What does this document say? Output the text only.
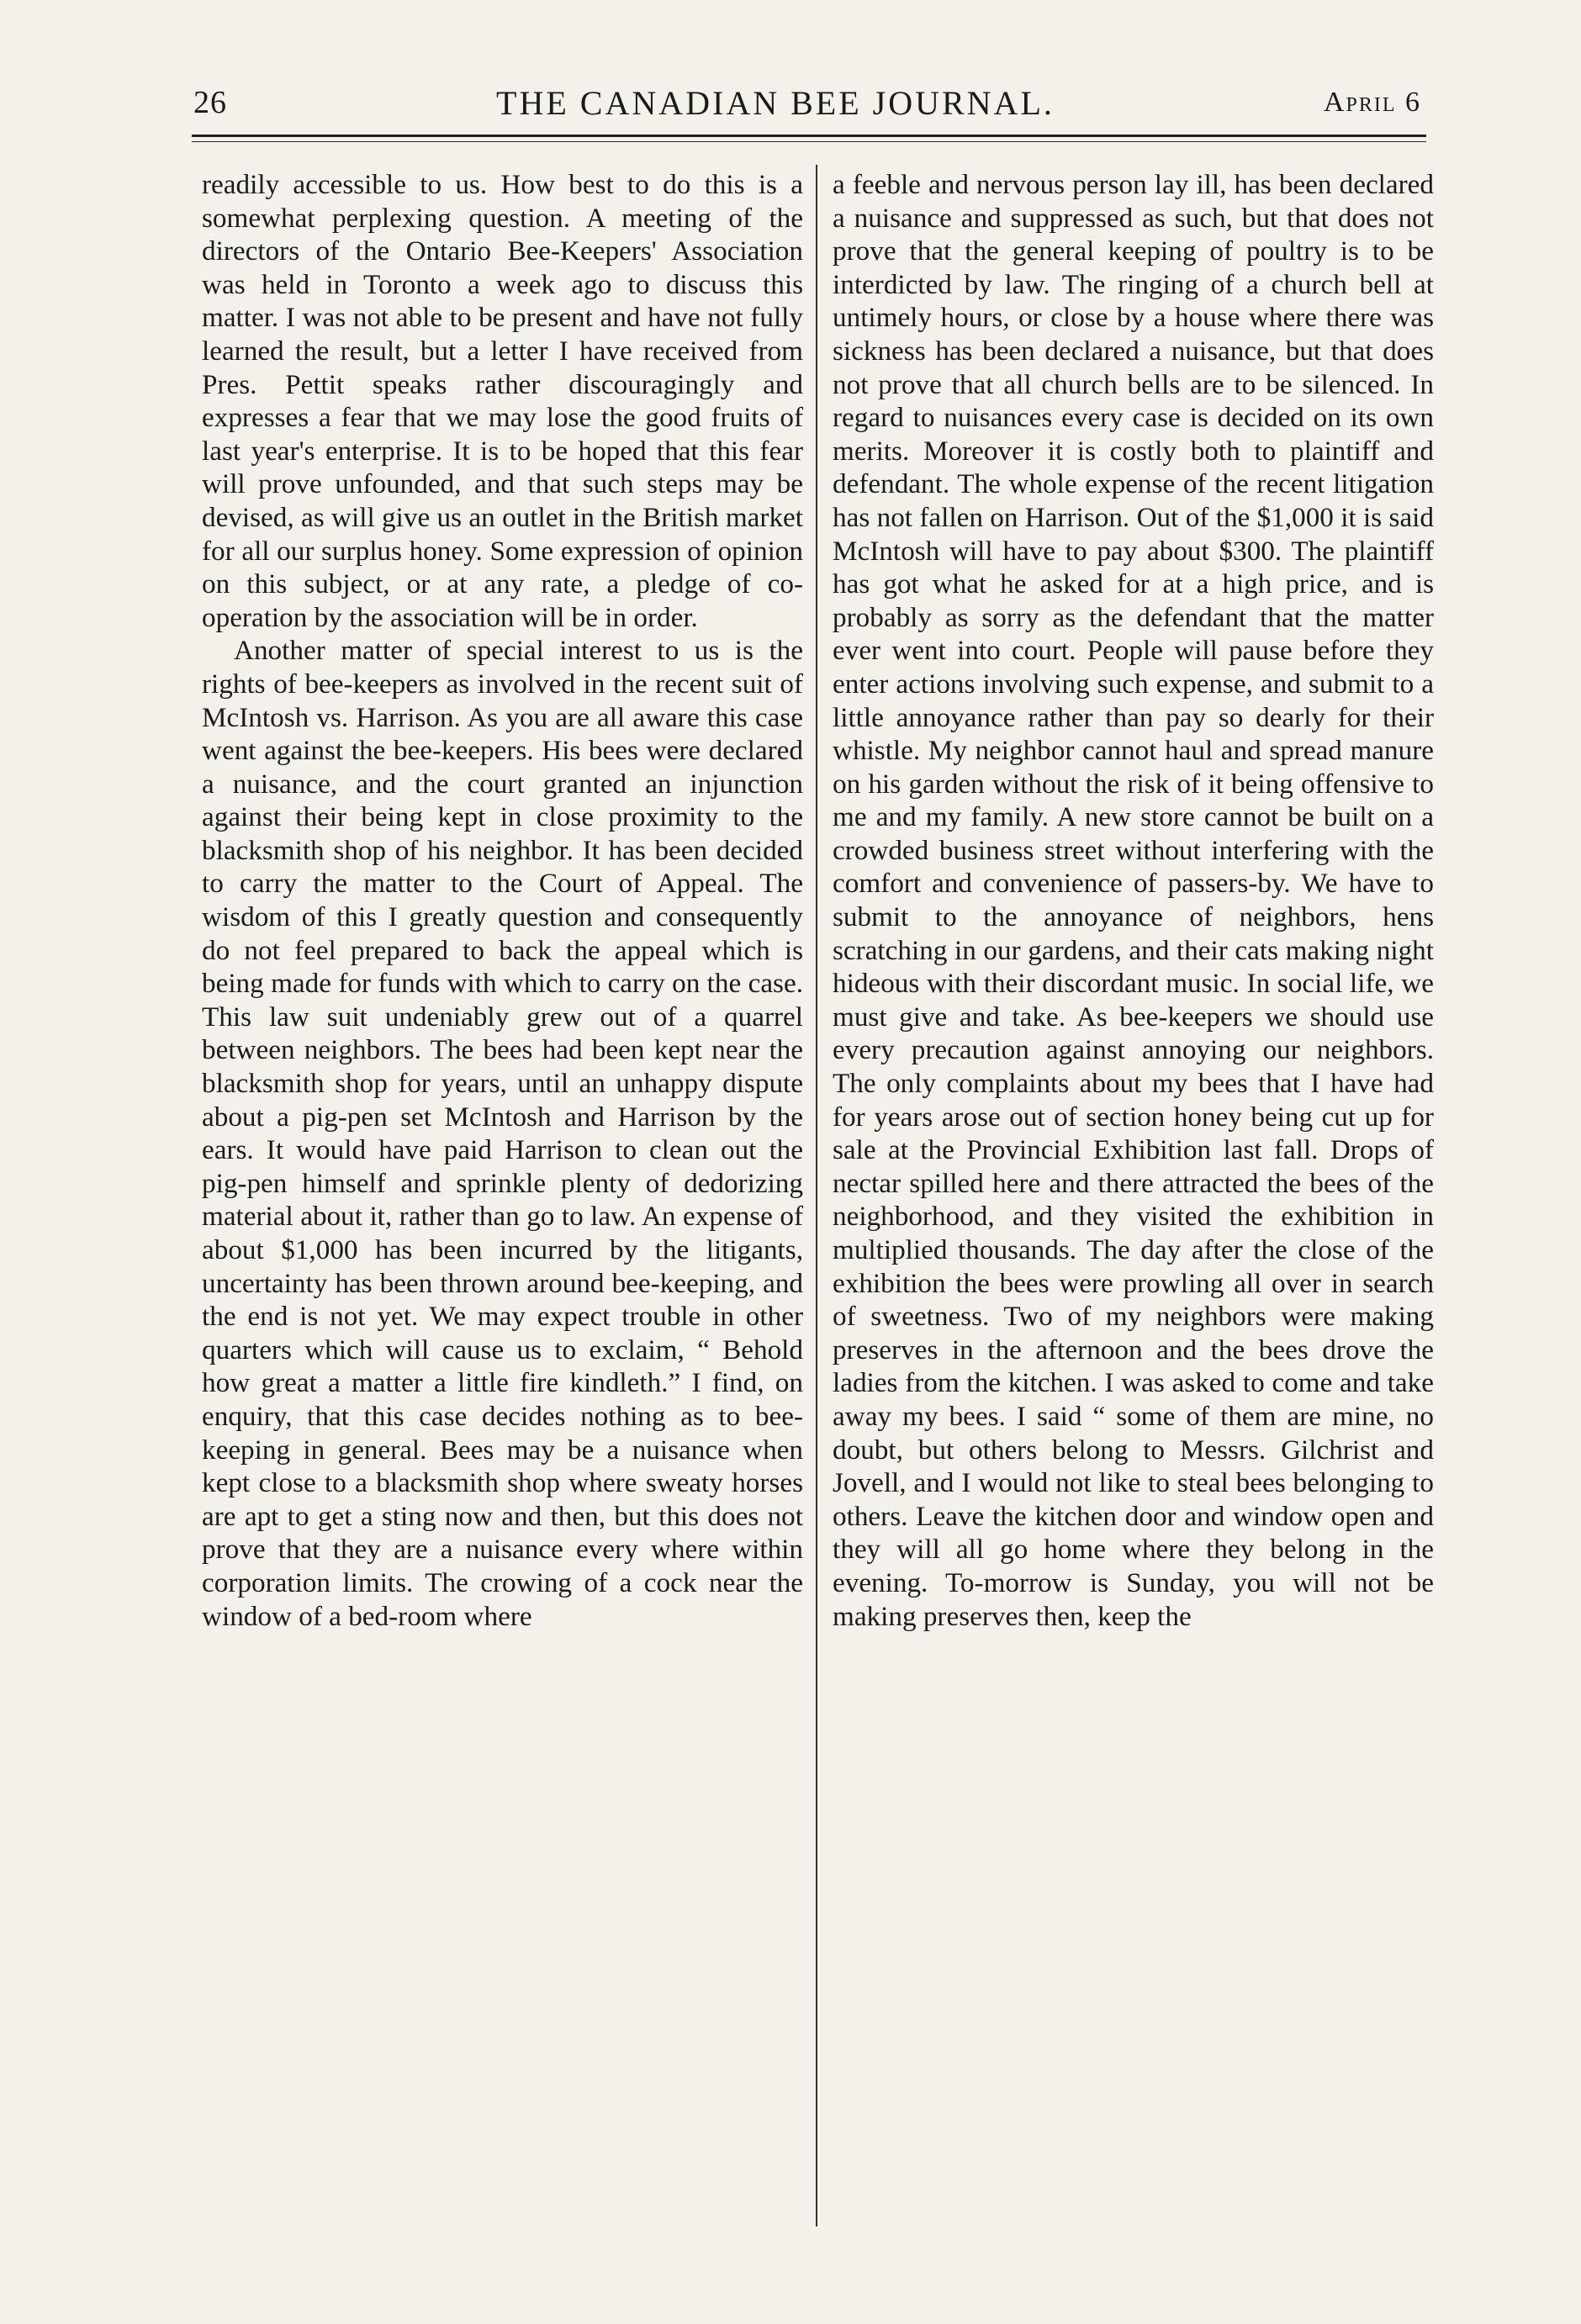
26	THE CANADIAN BEE JOURNAL.	April 6

readily accessible to us. How best to do this is a somewhat perplexing question. A meeting of the directors of the Ontario Bee-Keepers' Association was held in Toronto a week ago to discuss this matter. I was not able to be present and have not fully learned the result, but a letter I have received from Pres. Pettit speaks rather discouragingly and expresses a fear that we may lose the good fruits of last year's enterprise. It is to be hoped that this fear will prove unfounded, and that such steps may be devised, as will give us an outlet in the British market for all our surplus honey. Some expression of opinion on this subject, or at any rate, a pledge of co-operation by the association will be in order.

Another matter of special interest to us is the rights of bee-keepers as involved in the recent suit of McIntosh vs. Harrison. As you are all aware this case went against the bee-keepers. His bees were declared a nuisance, and the court granted an injunction against their being kept in close proximity to the blacksmith shop of his neighbor. It has been decided to carry the matter to the Court of Appeal. The wisdom of this I greatly question and consequently do not feel prepared to back the appeal which is being made for funds with which to carry on the case. This law suit undeniably grew out of a quarrel between neighbors. The bees had been kept near the blacksmith shop for years, until an unhappy dispute about a pig-pen set McIntosh and Harrison by the ears. It would have paid Harrison to clean out the pig-pen himself and sprinkle plenty of dedorizing material about it, rather than go to law. An expense of about $1,000 has been incurred by the litigants, uncertainty has been thrown around bee-keeping, and the end is not yet. We may expect trouble in other quarters which will cause us to exclaim, “ Behold how great a matter a little fire kindleth.” I find, on enquiry, that this case decides nothing as to bee-keeping in general. Bees may be a nuisance when kept close to a blacksmith shop where sweaty horses are apt to get a sting now and then, but this does not prove that they are a nuisance every where within corporation limits. The crowing of a cock near the window of a bed-room where

a feeble and nervous person lay ill, has been declared a nuisance and suppressed as such, but that does not prove that the general keeping of poultry is to be interdicted by law. The ringing of a church bell at untimely hours, or close by a house where there was sickness has been declared a nuisance, but that does not prove that all church bells are to be silenced. In regard to nuisances every case is decided on its own merits. Moreover it is costly both to plaintiff and defendant. The whole expense of the recent litigation has not fallen on Harrison. Out of the $1,000 it is said McIntosh will have to pay about $300. The plaintiff has got what he asked for at a high price, and is probably as sorry as the defendant that the matter ever went into court. People will pause before they enter actions involving such expense, and submit to a little annoyance rather than pay so dearly for their whistle. My neighbor cannot haul and spread manure on his garden without the risk of it being offensive to me and my family. A new store cannot be built on a crowded business street without interfering with the comfort and convenience of passers-by. We have to submit to the annoyance of neighbors, hens scratching in our gardens, and their cats making night hideous with their discordant music. In social life, we must give and take. As bee-keepers we should use every precaution against annoying our neighbors. The only complaints about my bees that I have had for years arose out of section honey being cut up for sale at the Provincial Exhibition last fall. Drops of nectar spilled here and there attracted the bees of the neighborhood, and they visited the exhibition in multiplied thousands. The day after the close of the exhibition the bees were prowling all over in search of sweetness. Two of my neighbors were making preserves in the afternoon and the bees drove the ladies from the kitchen. I was asked to come and take away my bees. I said “ some of them are mine, no doubt, but others belong to Messrs. Gilchrist and Jovell, and I would not like to steal bees belonging to others. Leave the kitchen door and window open and they will all go home where they belong in the evening. To-morrow is Sunday, you will not be making preserves then, keep the
